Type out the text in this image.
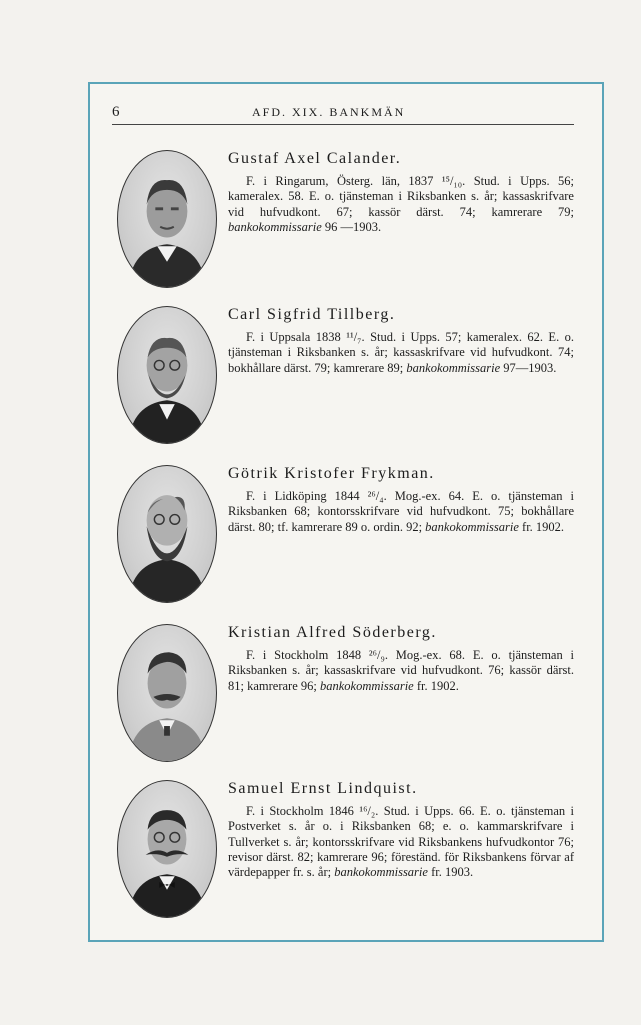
6	AFD. XIX. BANKMÄN
Gustaf Axel Calander.

F. i Ringarum, Österg. län, 1837 ¹⁵/₁₀. Stud. i Upps. 56; kameralex. 58. E. o. tjänsteman i Riksbanken s. år; kassaskrifvare vid hufvudkont. 67; kassör därst. 74; kamrerare 79; bankokommissarie 96 —1903.

Carl Sigfrid Tillberg.

F. i Uppsala 1838 ¹¹/₇. Stud. i Upps. 57; kameralex. 62. E. o. tjänsteman i Riksbanken s. år; kassaskrifvare vid hufvudkont. 74; bokhållare därst. 79; kamrerare 89; bankokommissarie 97—1903.

Götrik Kristofer Frykman.

F. i Lidköping 1844 ²⁶/₄. Mog.-ex. 64. E. o. tjänsteman i Riksbanken 68; kontorsskrifvare vid hufvudkont. 75; bokhållare därst. 80; tf. kamrerare 89 o. ordin. 92; bankokommissarie fr. 1902.

Kristian Alfred Söderberg.

F. i Stockholm 1848 ²⁶/₉. Mog.-ex. 68. E. o. tjänsteman i Riksbanken s. år; kassaskrifvare vid hufvudkont. 76; kassör därst. 81; kamrerare 96; bankokommissarie fr. 1902.

Samuel Ernst Lindquist.

F. i Stockholm 1846 ¹⁶/₂. Stud. i Upps. 66. E. o. tjänsteman i Postverket s. år o. i Riksbanken 68; e. o. kammarskrifvare i Tullverket s. år; kontorsskrifvare vid Riksbankens hufvudkontor 76; revisor därst. 82; kamrerare 96; föreständ. för Riksbankens förvar af värdepapper fr. s. år; bankokommissarie fr. 1903.
